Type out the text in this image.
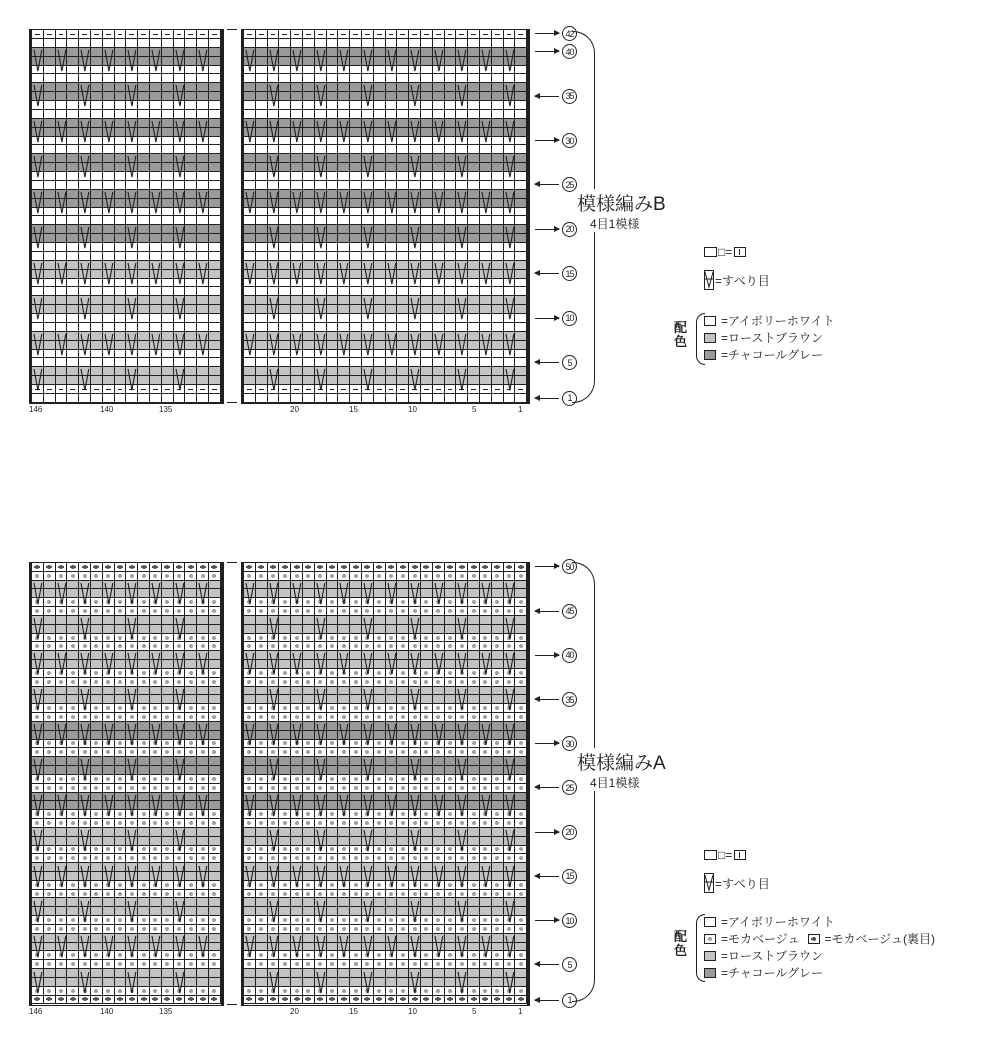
146	140	135	20	15	10	5	1
42
40
35
30
25
20
15
10
5
1
模様編みB
4目1模様
□=
=すべり目
配色
=アイボリーホワイト
=ローストブラウン
=チャコールグレー
146	140	135	20	15	10	5	1
50
45
40
35
30
25
20
15
10
5
1
模様編みA
4目1模様
□=
=すべり目
配色
=アイボリーホワイト
=モカベージュ =モカベージュ(裏目)
=ローストブラウン
=チャコールグレー
